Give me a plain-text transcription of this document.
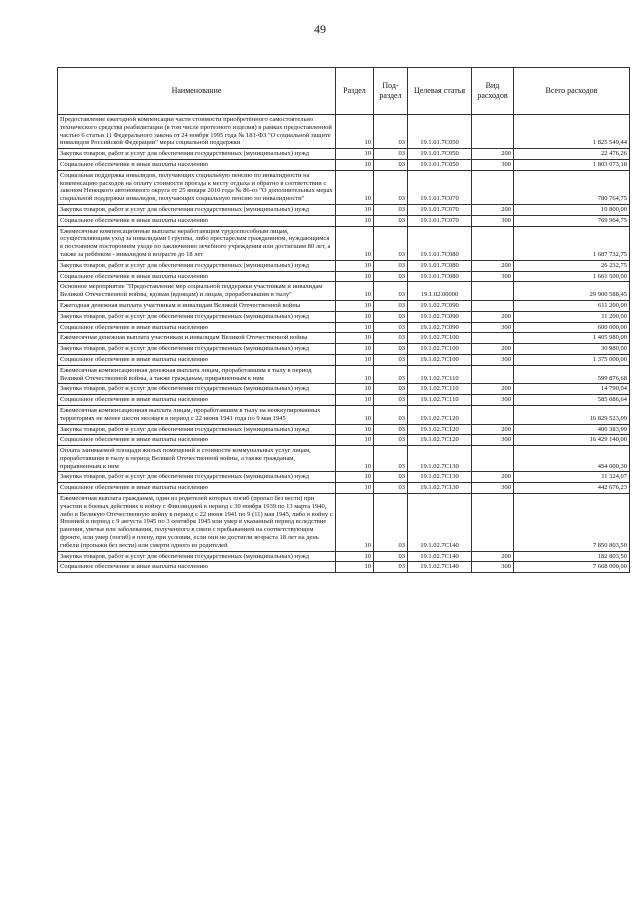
49
Наименование	Раздел	Под-раздел	Целевая статья	Вид расходов	Всего расходов
Предоставление ежегодной компенсации части стоимости приобретённого самостоятельно технического средства реабилитации (в том числе протезного изделия) в рамках предоставленной частью 6 статьи 11 Федерального закона от 24 ноября 1995 года № 181-ФЗ "О социальной защите инвалидов Российской Федерации" меры социальной поддержки	10	03	19.1.01.7С050		1 825 549,44
Закупка товаров, работ и услуг для обеспечения государственных (муниципальных) нужд	10	03	19.1.01.7С050	200	22 476,26
Социальное обеспечение и иные выплаты населению	10	03	19.1.01.7С050	300	1 803 073,18
Социальная поддержка инвалидов, получающих социальную пенсию по инвалидности на компенсацию расходов на оплату стоимости проезда к месту отдыха и обратно в соответствии с законом Ненецкого автономного округа от 25 января 2010 года № 86-оз "О дополнительных мерах социальной поддержки инвалидов, получающих социальную пенсию по инвалидности"	10	03	19.1.01.7С070		780 764,75
Закупка товаров, работ и услуг для обеспечения государственных (муниципальных) нужд	10	03	19.1.01.7С070	200	10 800,00
Социальное обеспечение и иные выплаты населению	10	03	19.1.01.7С070	300	769 964,75
Ежемесячные компенсационные выплаты неработающим трудоспособным лицам, осуществляющим уход за инвалидами I группы, либо престарелым гражданином, нуждающимся в постоянном постороннем уходе по заключению лечебного учреждения или достигшим 80 лет, а также за ребёнком - инвалидом в возрасте до 18 лет	10	03	19.1.01.7С080		1 687 732,75
Закупка товаров, работ и услуг для обеспечения государственных (муниципальных) нужд	10	03	19.1.01.7С080	200	26 232,75
Социальное обеспечение и иные выплаты населению	10	03	19.1.01.7С080	300	1 661 500,00
Основное мероприятие "Предоставление мер социальной поддержки участникам и инвалидам Великой Отечественной войны, вдовам (вдовцам) и лицам, проработавшим в тылу"	10	03	19.1.02.00000		29 900 588,45
Ежегодная денежная выплата участникам и инвалидам Великой Отечественной войны	10	03	19.1.02.7С090		611 200,00
Закупка товаров, работ и услуг для обеспечения государственных (муниципальных) нужд	10	03	19.1.02.7С090	200	11 200,00
Социальное обеспечение и иные выплаты населению	10	03	19.1.02.7С090	300	600 000,00
Ежемесячная денежная выплата участникам и инвалидам Великой Отечественной войны	10	03	19.1.02.7С100		1 405 980,00
Закупка товаров, работ и услуг для обеспечения государственных (муниципальных) нужд	10	03	19.1.02.7С100	200	30 980,00
Социальное обеспечение и иные выплаты населению	10	03	19.1.02.7С100	300	1 375 000,00
Ежемесячная компенсационная денежная выплата лицам, проработавшим в тылу в период Великой Отечественной войны, а также гражданам, приравненным к ним	10	03	19.1.02.7С110		599 876,68
Закупка товаров, работ и услуг для обеспечения государственных (муниципальных) нужд	10	03	19.1.02.7С110	200	14 790,04
Социальное обеспечение и иные выплаты населению	10	03	19.1.02.7С110	300	585 086,64
Ежемесячная компенсационная выплата лицам, проработавшим в тылу на неоккупированных территориях не менее шести месяцев в период с 22 июня 1941 года по 9 мая 1945	10	03	19.1.02.7С120		16 829 523,99
Закупка товаров, работ и услуг для обеспечения государственных (муниципальных) нужд	10	03	19.1.02.7С120	200	400 383,99
Социальное обеспечение и иные выплаты населению	10	03	19.1.02.7С120	300	16 429 140,00
Оплата занимаемой площади жилых помещений и стоимости коммунальных услуг лицам, проработавшим в тылу в период Великой Отечественной войны, а также гражданам, приравненным к ним	10	03	19.1.02.7С130		454 000,30
Закупка товаров, работ и услуг для обеспечения государственных (муниципальных) нужд	10	03	19.1.02.7С130	200	11 324,07
Социальное обеспечение и иные выплаты населению	10	03	19.1.02.7С130	300	442 676,23
Ежемесячная выплата гражданам, один из родителей которых погиб (пропал без вести) при участии в боевых действиях в войну с Финляндией в период с 30 ноября 1939 по 13 марта 1940, либо в Великую Отечественную войну в период с 22 июня 1941 по 9 (11) мая 1945, либо в войну с Японией в период с 9 августа 1945 по 3 сентября 1945 или умер в указанный период вследствие ранения, увечья или заболевания, полученного в связи с пребыванием на соответствующем фронте, или умер (погиб) в плену, при условии, если они не достигли возраста 18 лет на день гибели (пропажи без вести) или смерти одного из родителей	10	03	19.1.02.7С140		7 850 803,50
Закупка товаров, работ и услуг для обеспечения государственных (муниципальных) нужд	10	03	19.1.02.7С140	200	182 803,50
Социальное обеспечение и иные выплаты населению	10	03	19.1.02.7С140	300	7 668 000,00
